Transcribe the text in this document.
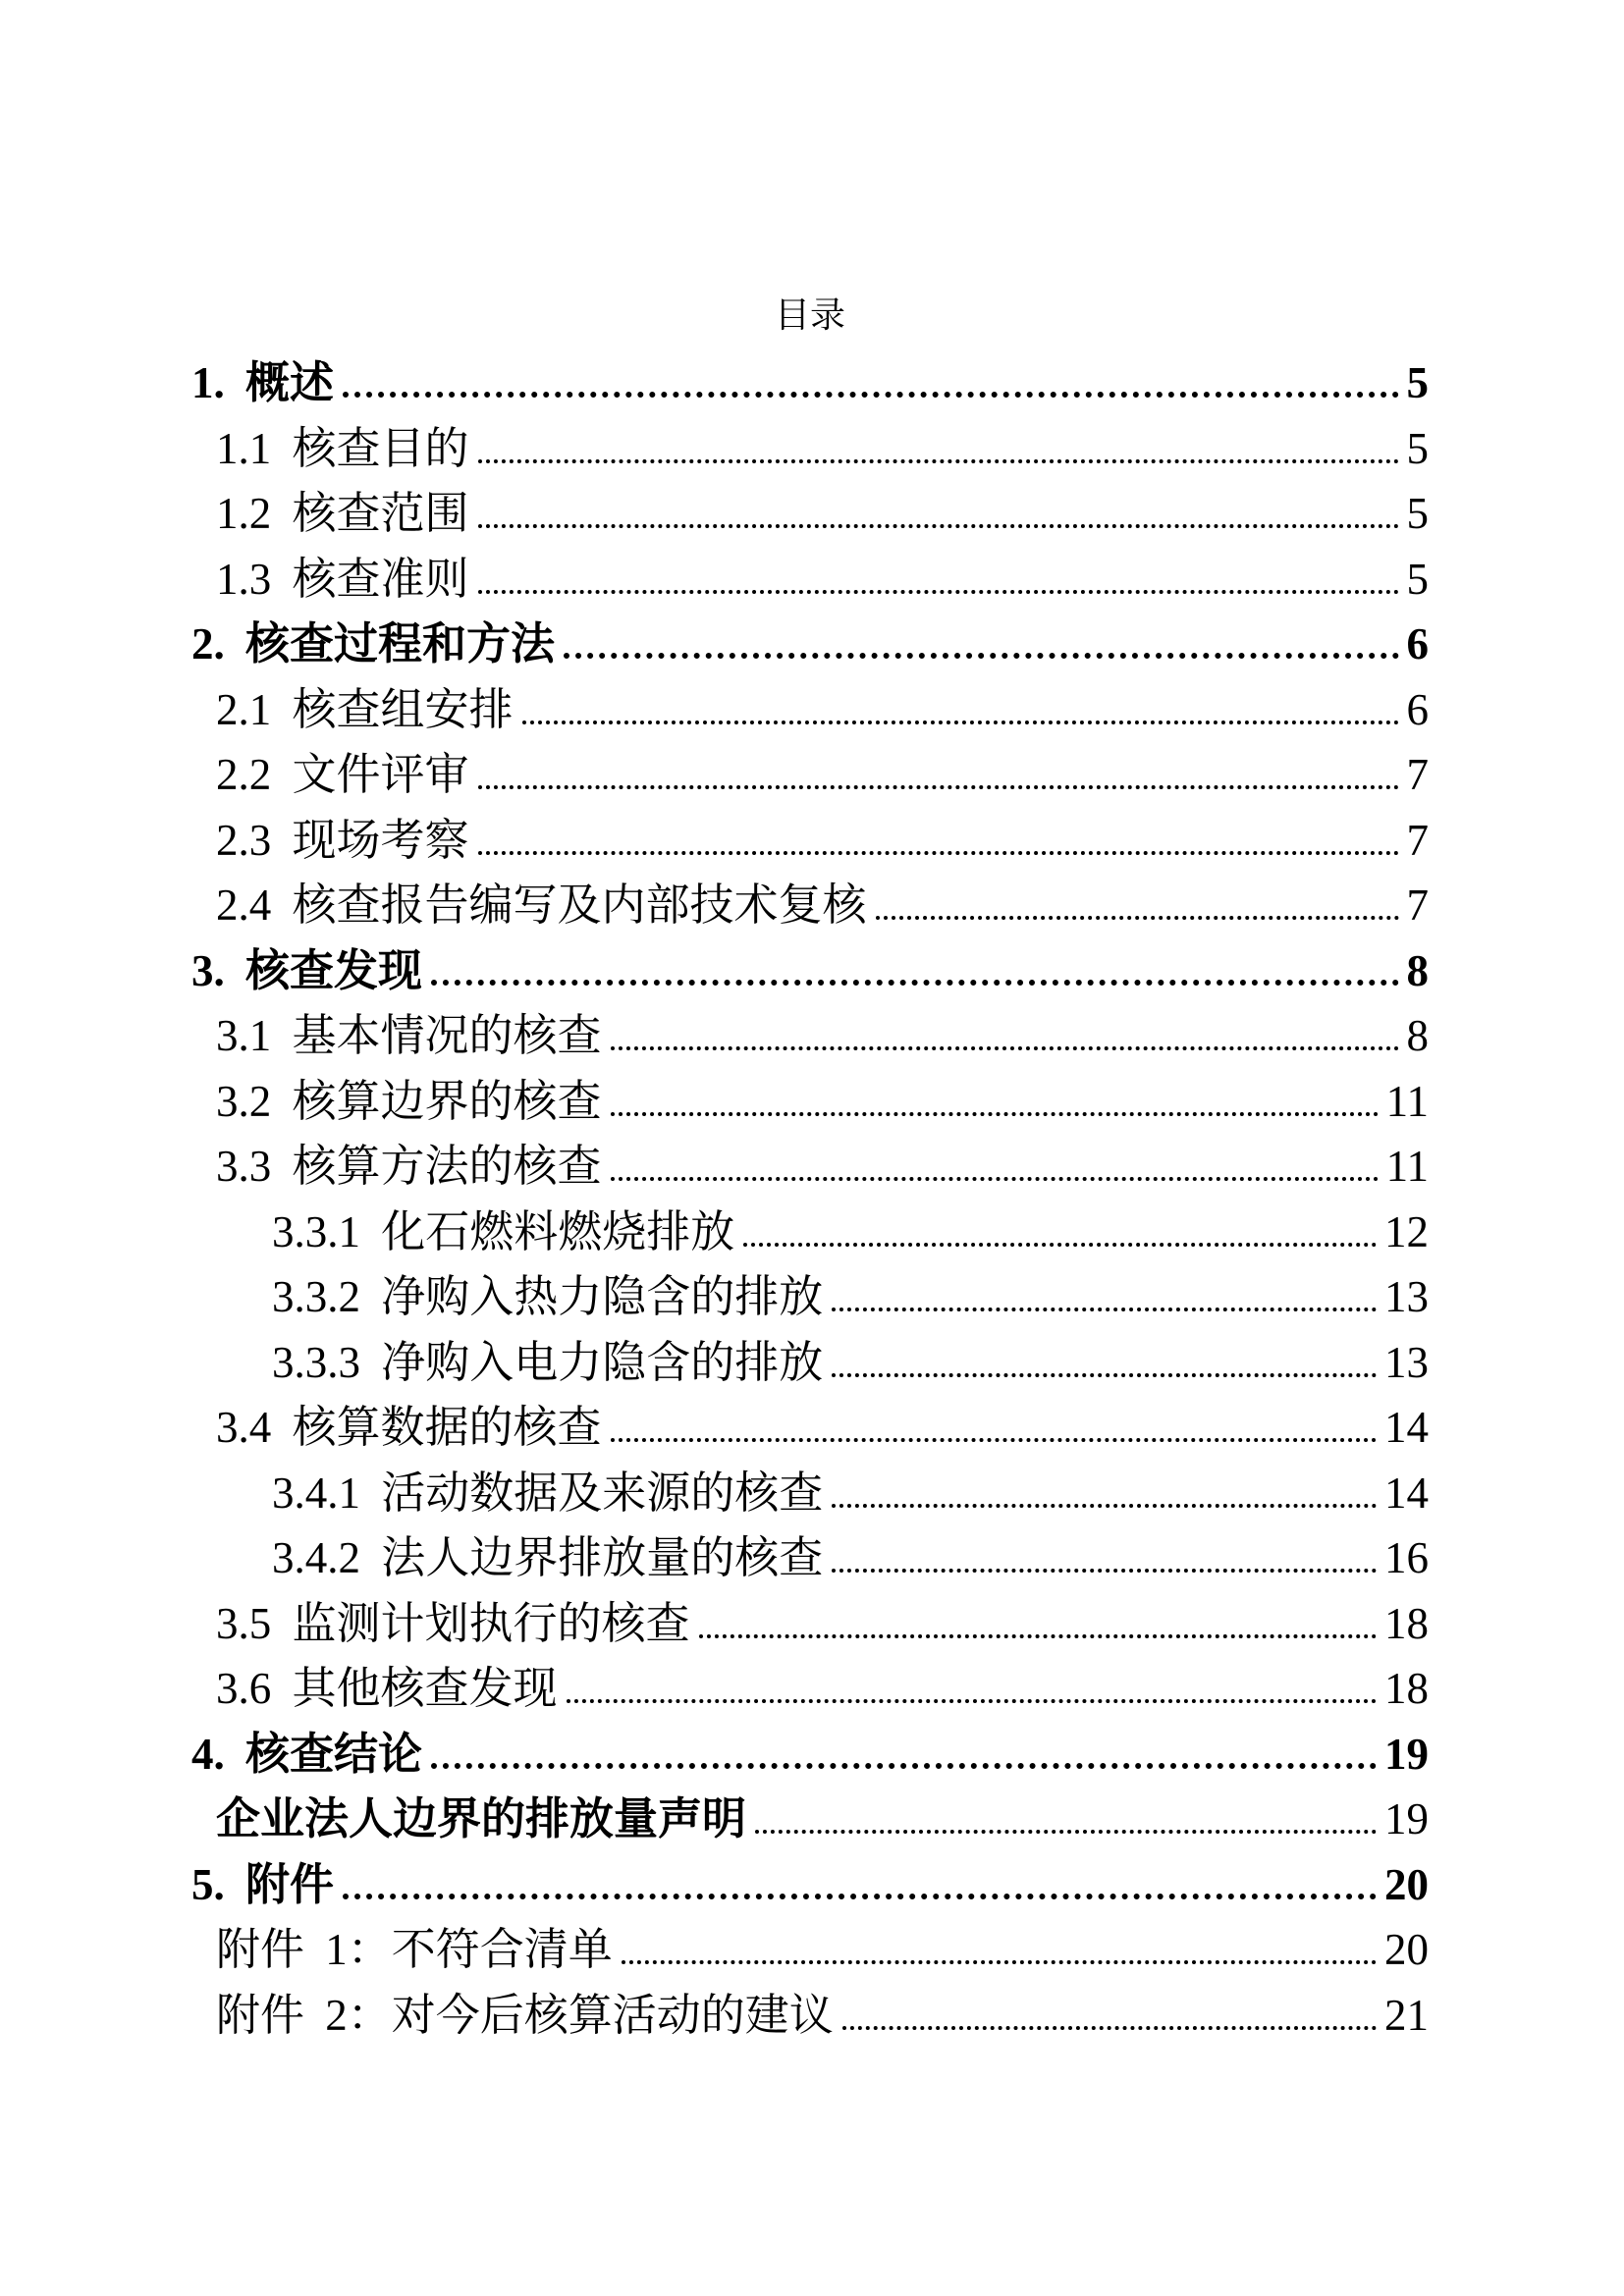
目录
1. 概述	5
1.1 核查目的	5
1.2 核查范围	5
1.3 核查准则	5
2. 核查过程和方法	6
2.1 核查组安排	6
2.2 文件评审	7
2.3 现场考察	7
2.4 核查报告编写及内部技术复核	7
3. 核查发现	8
3.1 基本情况的核查	8
3.2 核算边界的核查	11
3.3 核算方法的核查	11
3.3.1 化石燃料燃烧排放	12
3.3.2 净购入热力隐含的排放	13
3.3.3 净购入电力隐含的排放	13
3.4 核算数据的核查	14
3.4.1 活动数据及来源的核查	14
3.4.2 法人边界排放量的核查	16
3.5 监测计划执行的核查	18
3.6 其他核查发现	18
4. 核查结论	19
企业法人边界的排放量声明	19
5. 附件	20
附件 1：不符合清单	20
附件 2：对今后核算活动的建议	21
